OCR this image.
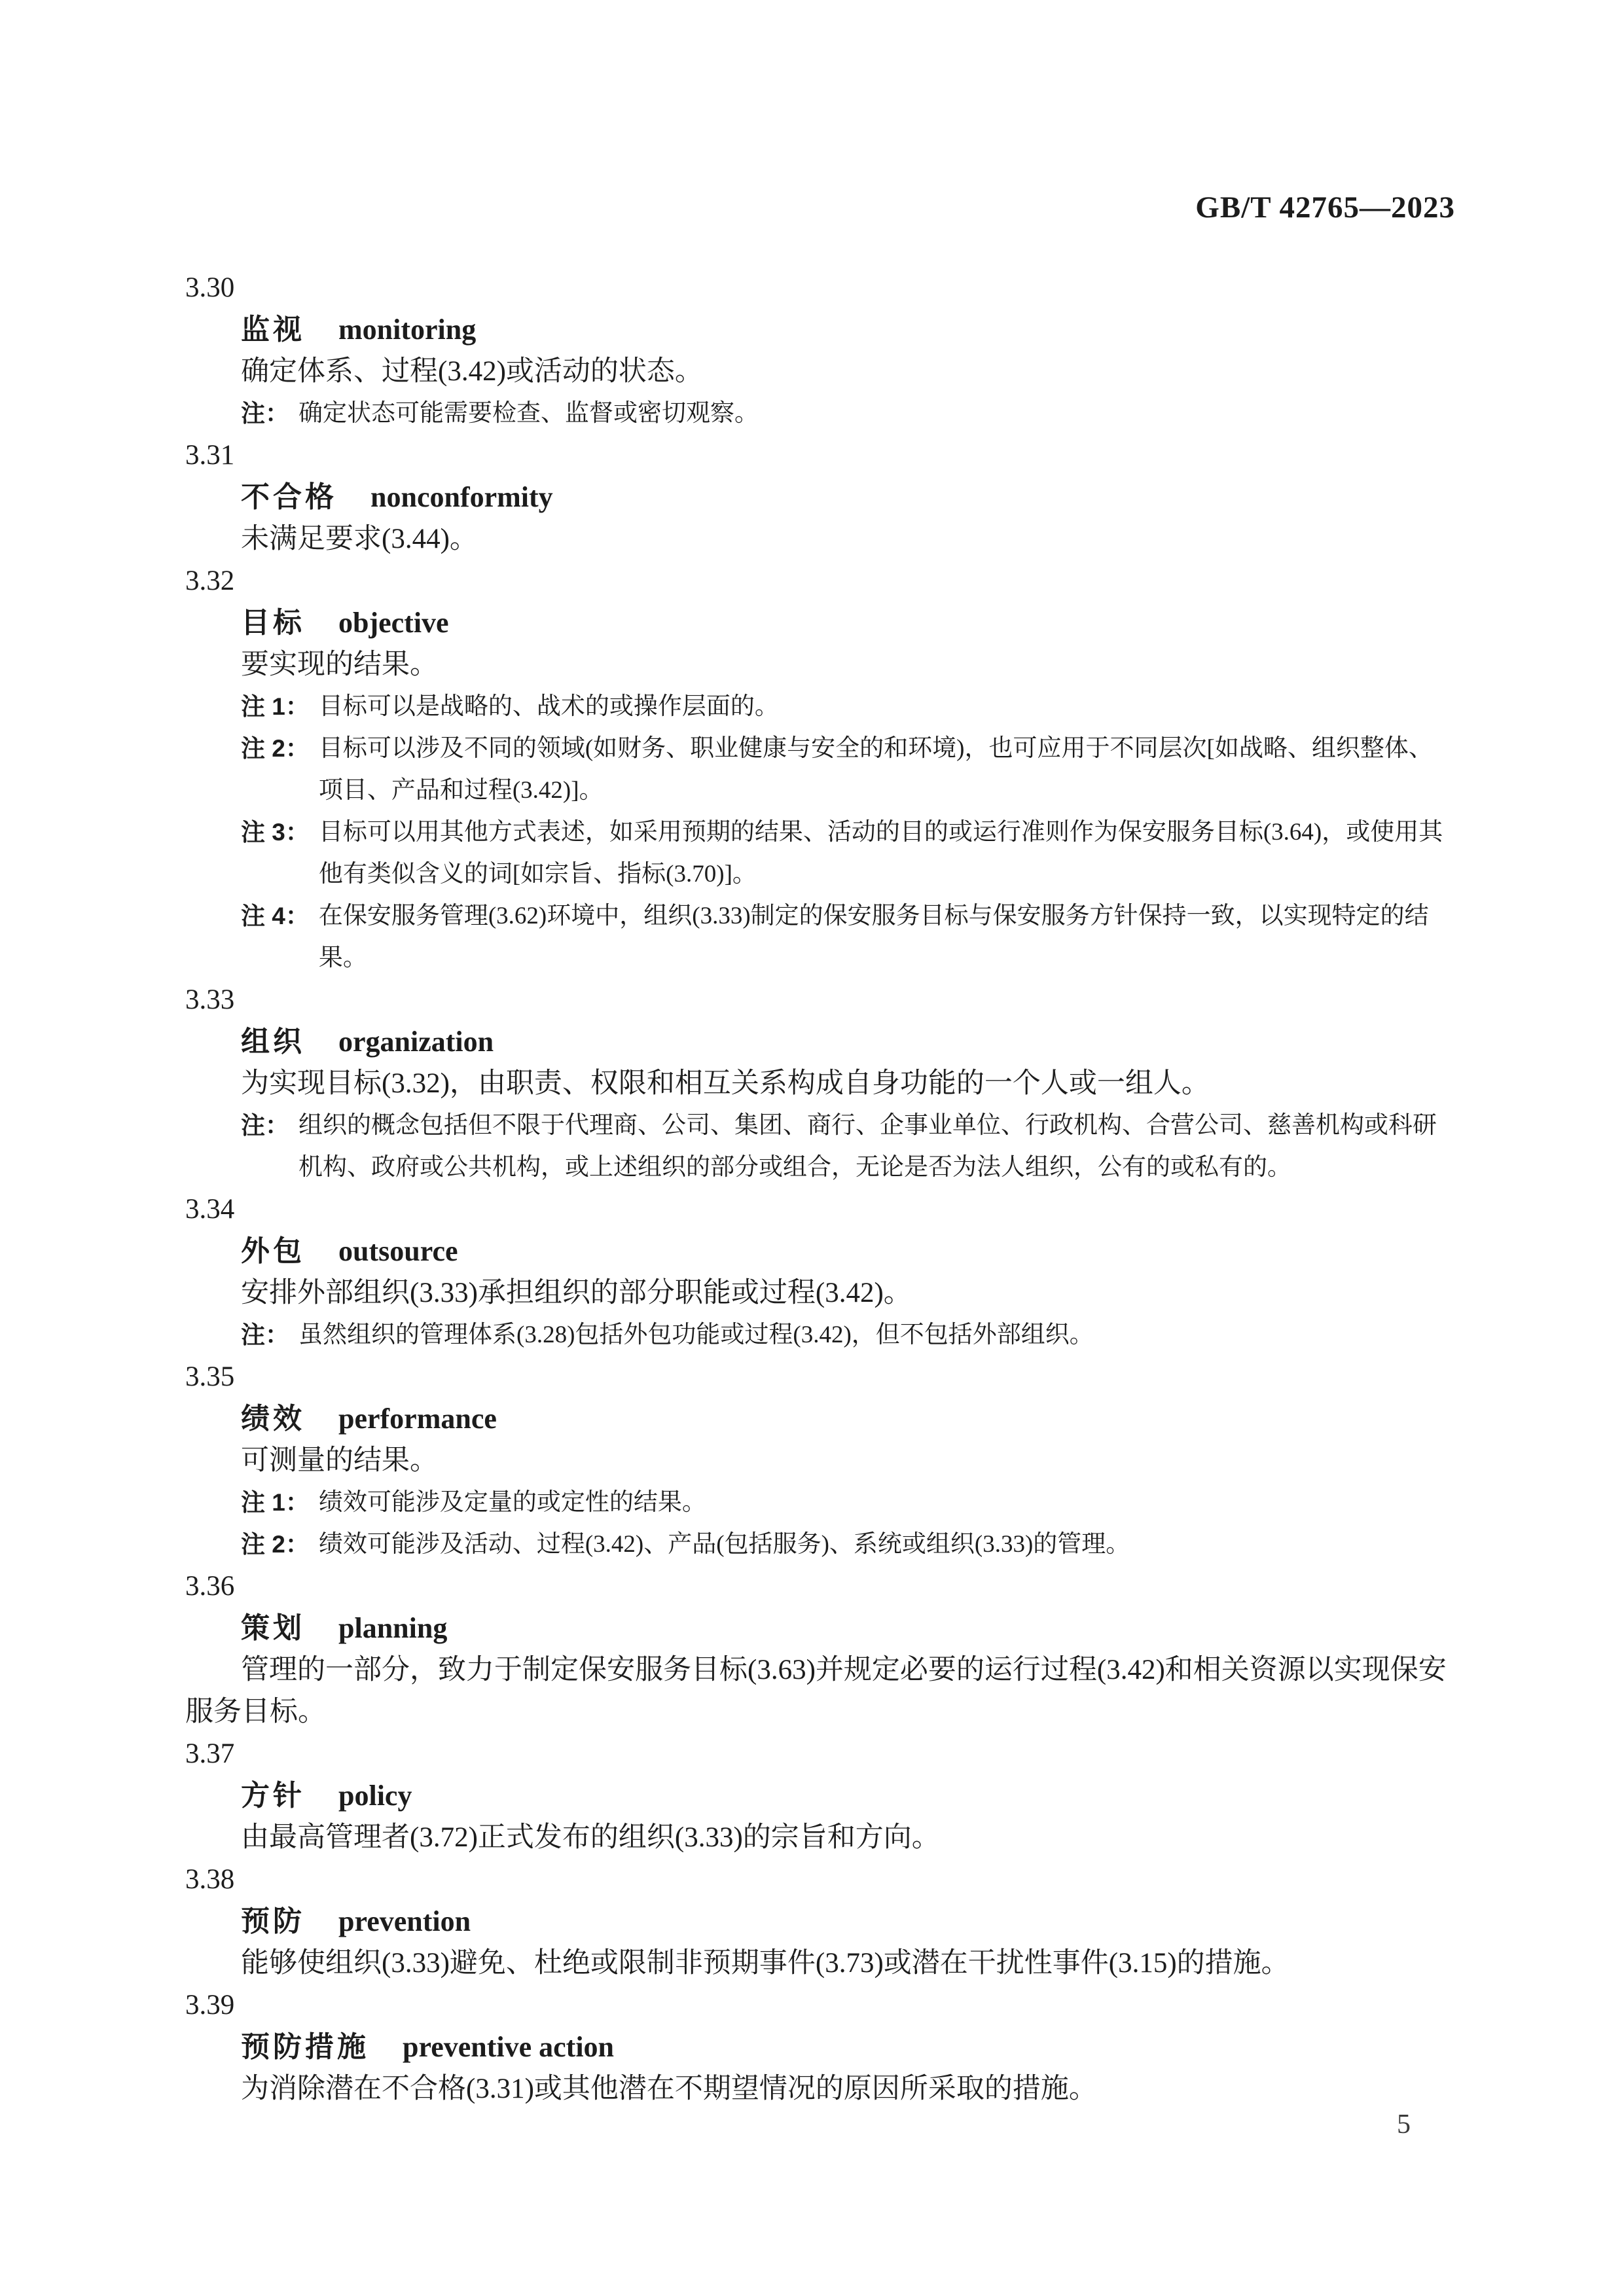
GB/T 42765—2023

3.30

监视 monitoring

确定体系、过程(3.42)或活动的状态。

注： 确定状态可能需要检查、监督或密切观察。

3.31

不合格 nonconformity

未满足要求(3.44)。

3.32

目标 objective

要实现的结果。

注 1： 目标可以是战略的、战术的或操作层面的。

注 2： 目标可以涉及不同的领域(如财务、职业健康与安全的和环境)，也可应用于不同层次[如战略、组织整体、项目、产品和过程(3.42)]。

注 3： 目标可以用其他方式表述，如采用预期的结果、活动的目的或运行准则作为保安服务目标(3.64)，或使用其他有类似含义的词[如宗旨、指标(3.70)]。

注 4： 在保安服务管理(3.62)环境中，组织(3.33)制定的保安服务目标与保安服务方针保持一致，以实现特定的结果。

3.33

组织 organization

为实现目标(3.32)，由职责、权限和相互关系构成自身功能的一个人或一组人。

注： 组织的概念包括但不限于代理商、公司、集团、商行、企事业单位、行政机构、合营公司、慈善机构或科研机构、政府或公共机构，或上述组织的部分或组合，无论是否为法人组织，公有的或私有的。

3.34

外包 outsource

安排外部组织(3.33)承担组织的部分职能或过程(3.42)。

注： 虽然组织的管理体系(3.28)包括外包功能或过程(3.42)，但不包括外部组织。

3.35

绩效 performance

可测量的结果。

注 1： 绩效可能涉及定量的或定性的结果。

注 2： 绩效可能涉及活动、过程(3.42)、产品(包括服务)、系统或组织(3.33)的管理。

3.36

策划 planning

管理的一部分，致力于制定保安服务目标(3.63)并规定必要的运行过程(3.42)和相关资源以实现保安服务目标。

3.37

方针 policy

由最高管理者(3.72)正式发布的组织(3.33)的宗旨和方向。

3.38

预防 prevention

能够使组织(3.33)避免、杜绝或限制非预期事件(3.73)或潜在干扰性事件(3.15)的措施。

3.39

预防措施 preventive action

为消除潜在不合格(3.31)或其他潜在不期望情况的原因所采取的措施。

5
